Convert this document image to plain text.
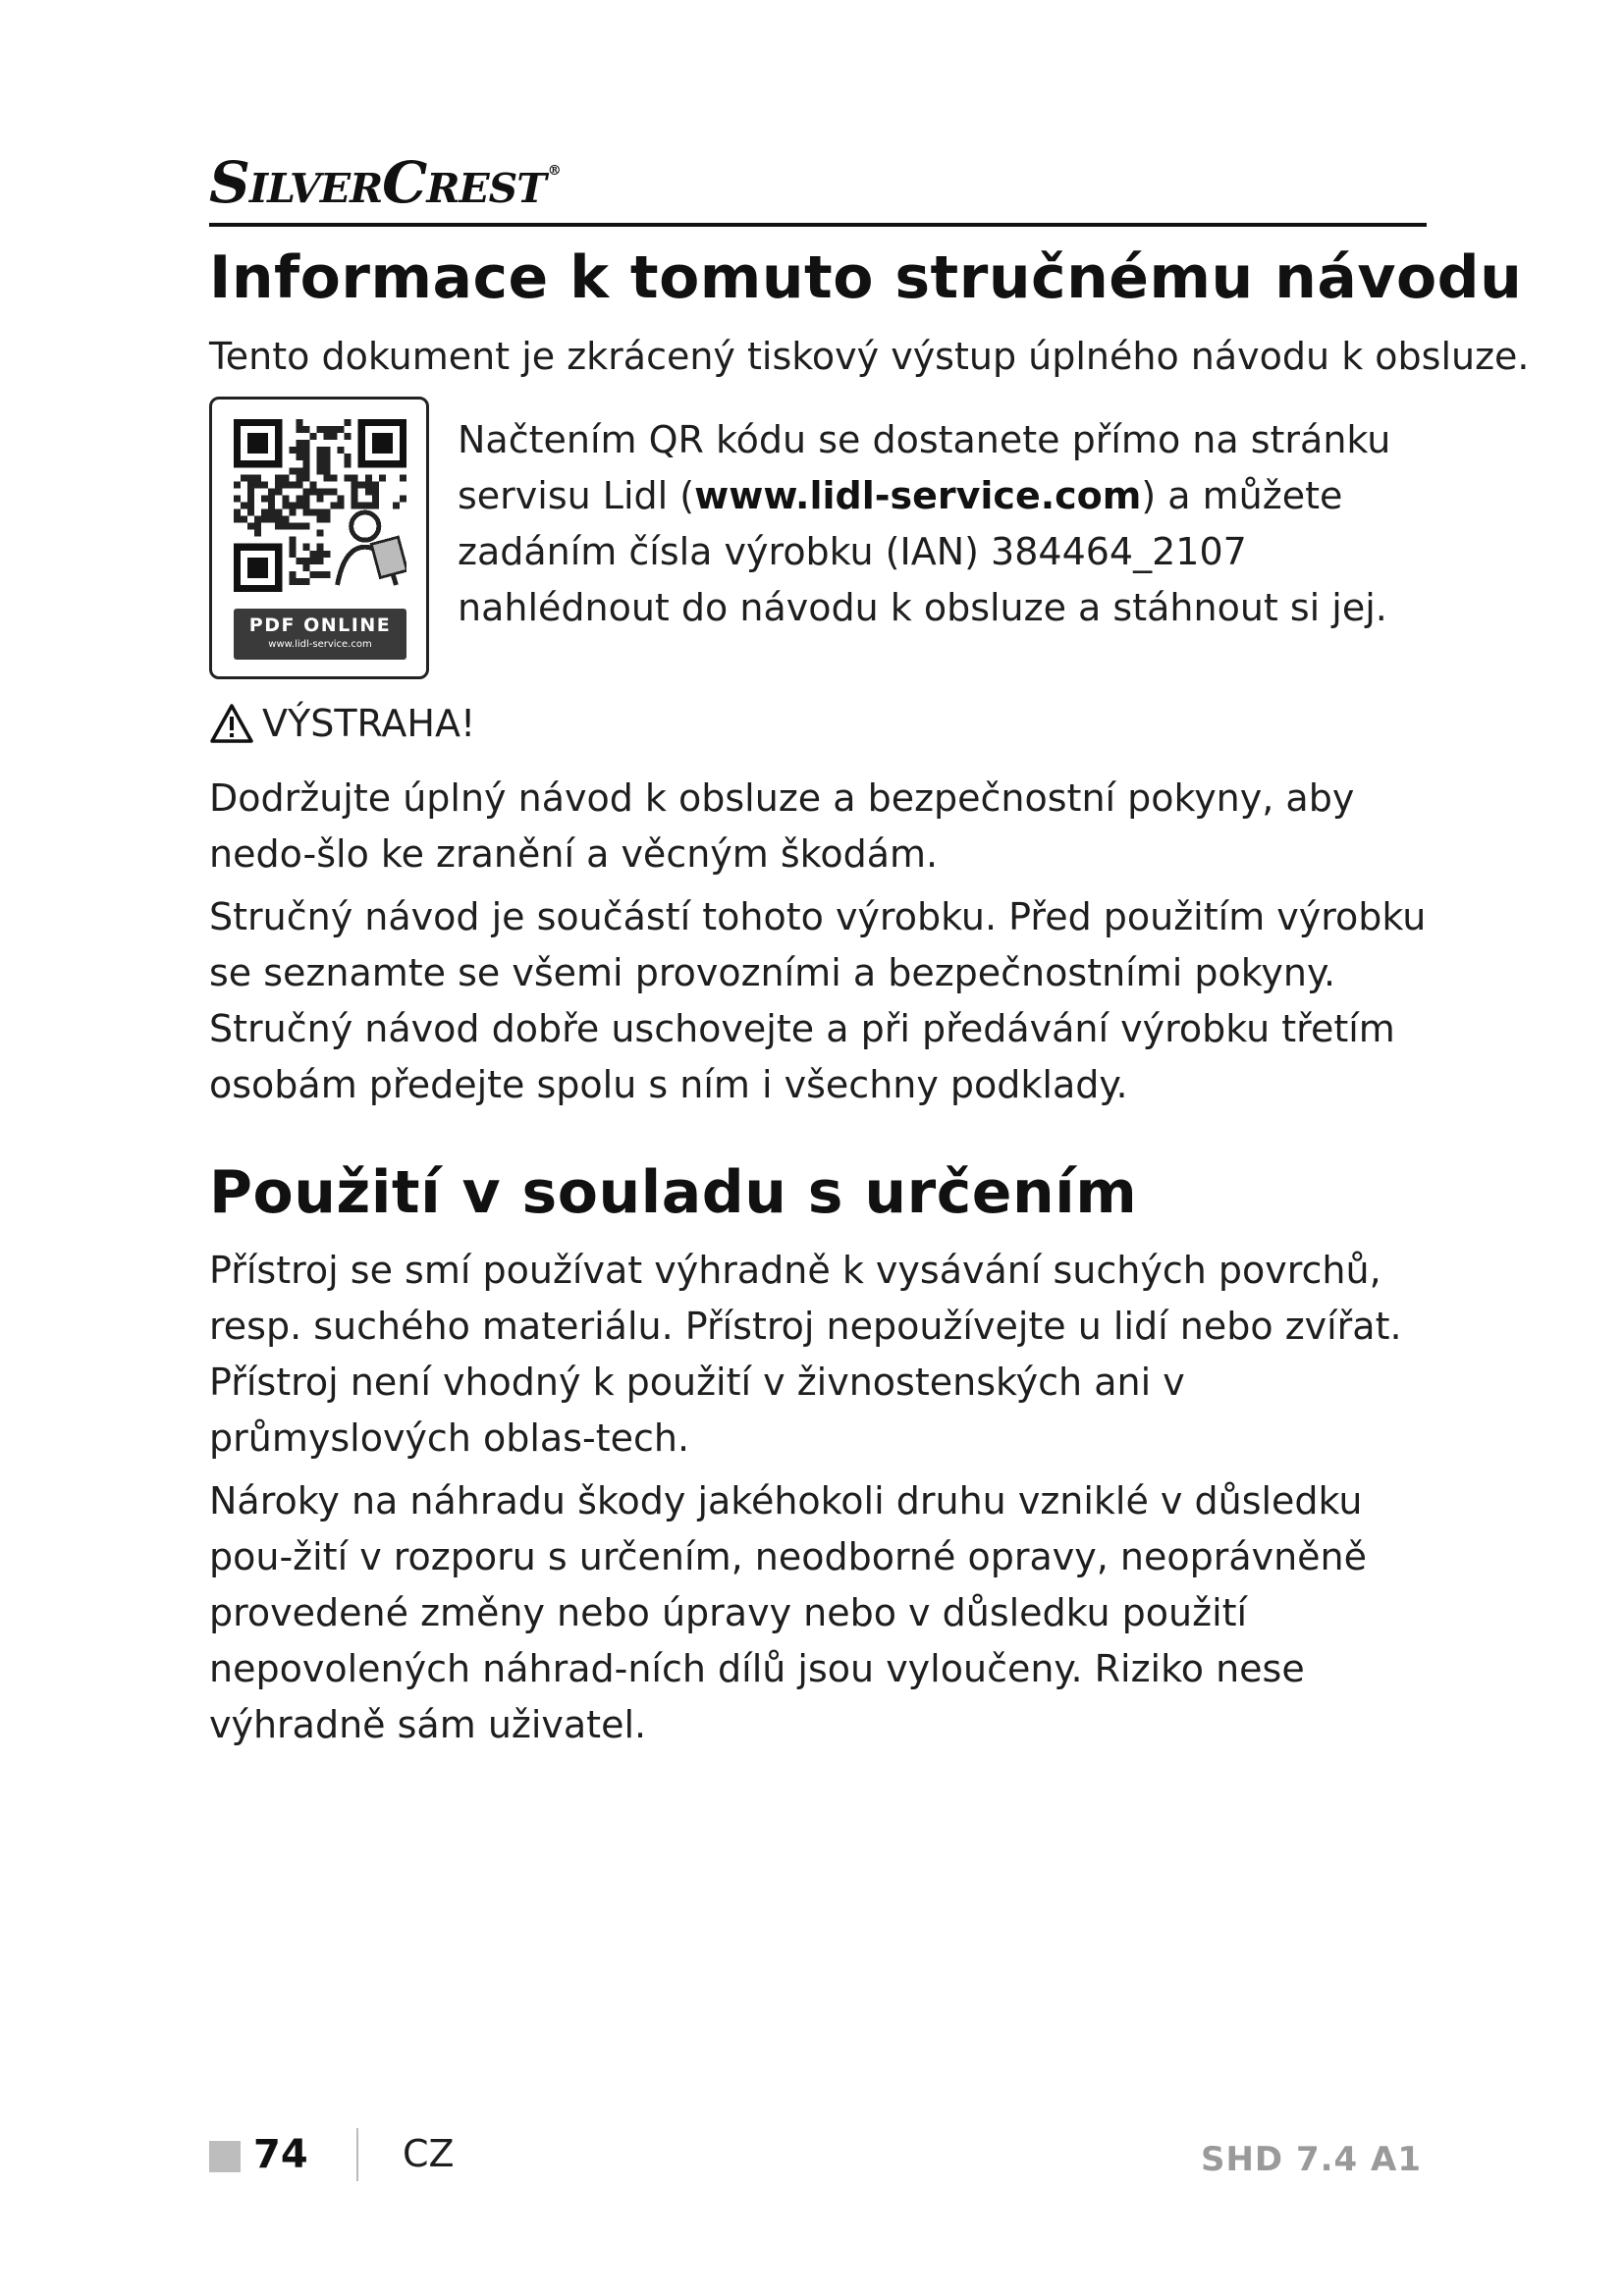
SilverCrest ®
Informace k tomuto stručnému návodu

Tento dokument je zkrácený tiskový výstup úplného návodu k obsluze.

PDF ONLINE
www.lidl-service.com

Načtením QR kódu se dostanete přímo na stránku servisu Lidl (www.lidl-service.com) a můžete zadáním čísla výrobku (IAN) 384464_2107 nahlédnout do návodu k obsluze a stáhnout si jej.

VÝSTRAHA!

Dodržujte úplný návod k obsluze a bezpečnostní pokyny, aby nedo-šlo ke zranění a věcným škodám.

Stručný návod je součástí tohoto výrobku. Před použitím výrobku se seznamte se všemi provozními a bezpečnostními pokyny. Stručný návod dobře uschovejte a při předávání výrobku třetím osobám předejte spolu s ním i všechny podklady.

Použití v souladu s určením

Přístroj se smí používat výhradně k vysávání suchých povrchů, resp. suchého materiálu. Přístroj nepoužívejte u lidí nebo zvířat. Přístroj není vhodný k použití v živnostenských ani v průmyslových oblas-tech.

Nároky na náhradu škody jakéhokoli druhu vzniklé v důsledku pou-žití v rozporu s určením, neodborné opravy, neoprávněně provedené změny nebo úpravy nebo v důsledku použití nepovolených náhrad-ních dílů jsou vyloučeny. Riziko nese výhradně sám uživatel.

74	CZ	SHD 7.4 A1
